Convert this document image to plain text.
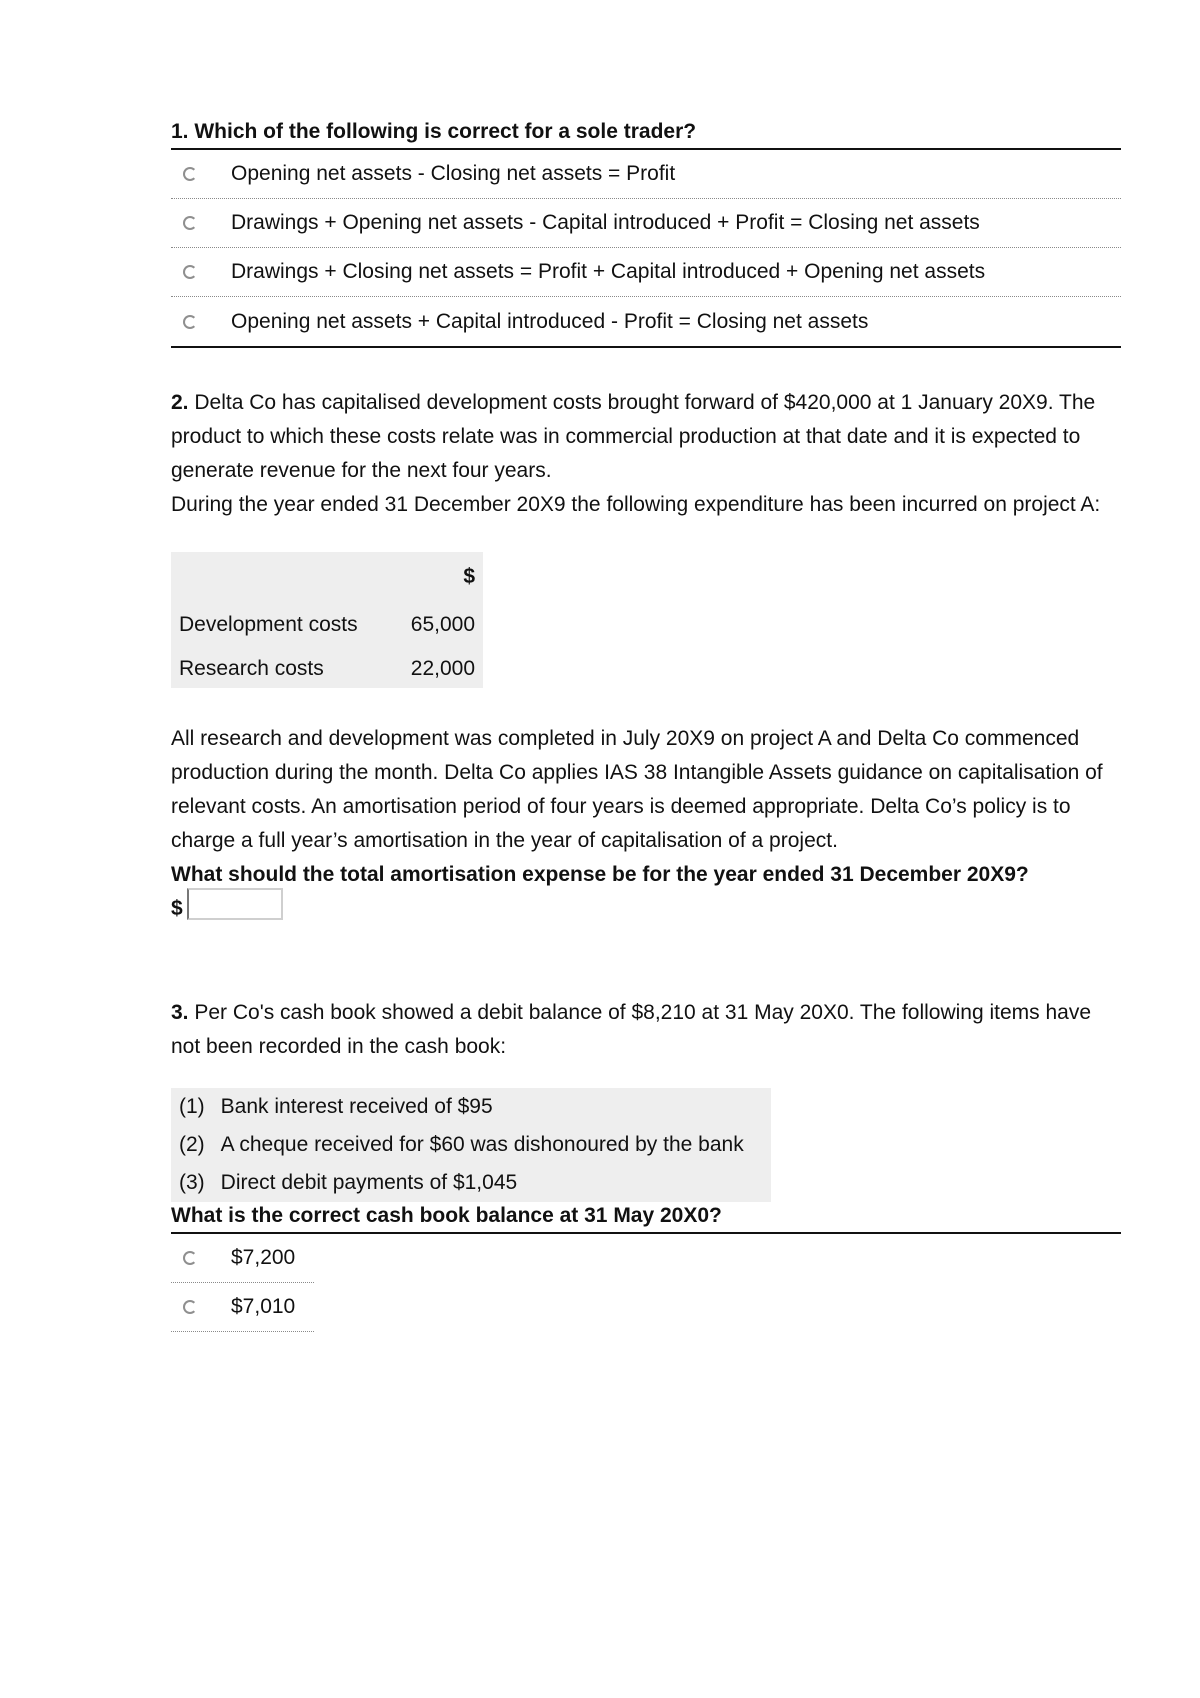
1. Which of the following is correct for a sole trader?
Opening net assets - Closing net assets = Profit
Drawings + Opening net assets - Capital introduced + Profit = Closing net assets
Drawings + Closing net assets = Profit + Capital introduced + Opening net assets
Opening net assets + Capital introduced - Profit = Closing net assets

2. Delta Co has capitalised development costs brought forward of $420,000 at 1 January 20X9. The product to which these costs relate was in commercial production at that date and it is expected to generate revenue for the next four years.

During the year ended 31 December 20X9 the following expenditure has been incurred on project A:

	$
Development costs	65,000
Research costs	22,000

All research and development was completed in July 20X9 on project A and Delta Co commenced production during the month. Delta Co applies IAS 38 Intangible Assets guidance on capitalisation of relevant costs. An amortisation period of four years is deemed appropriate. Delta Co’s policy is to charge a full year’s amortisation in the year of capitalisation of a project.

What should the total amortisation expense be for the year ended 31 December 20X9?
$

3. Per Co's cash book showed a debit balance of $8,210 at 31 May 20X0. The following items have not been recorded in the cash book:

(1)	Bank interest received of $95
(2)	A cheque received for $60 was dishonoured by the bank
(3)	Direct debit payments of $1,045
What is the correct cash book balance at 31 May 20X0?
$7,200
$7,010
